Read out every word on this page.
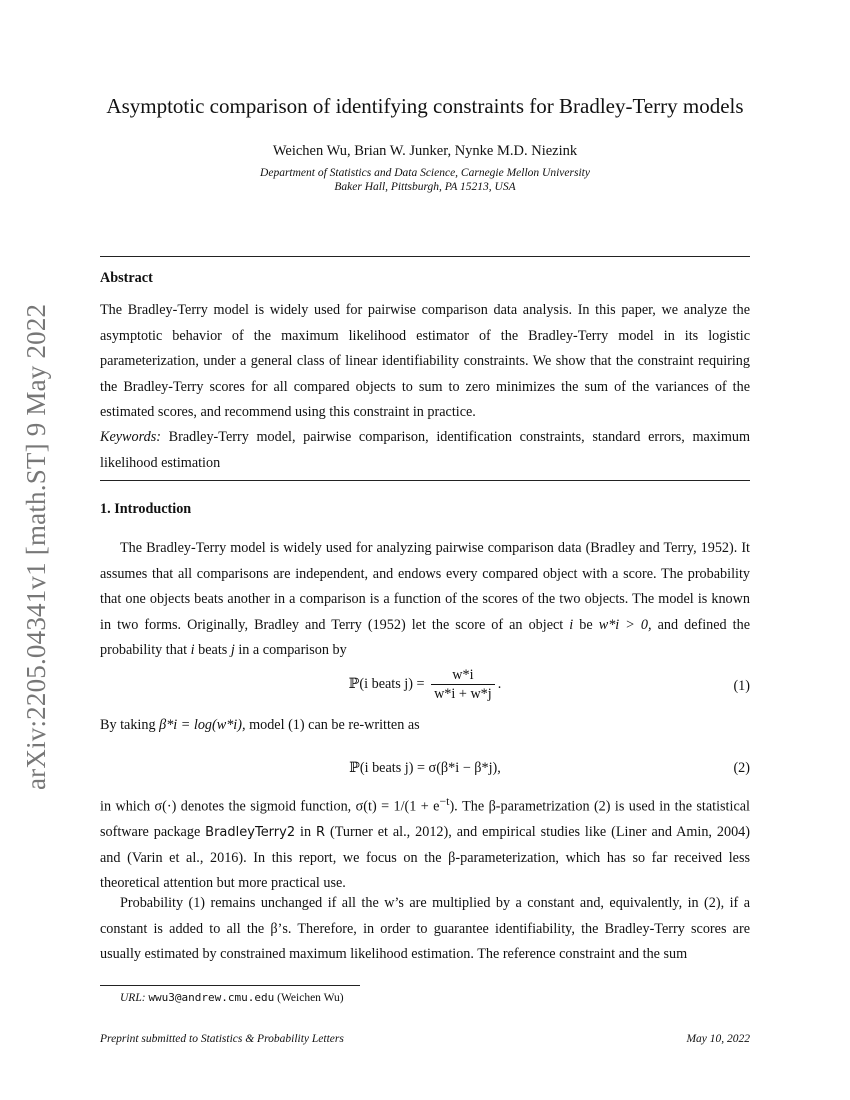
arXiv:2205.04341v1 [math.ST] 9 May 2022
Asymptotic comparison of identifying constraints for Bradley-Terry models
Weichen Wu, Brian W. Junker, Nynke M.D. Niezink
Department of Statistics and Data Science, Carnegie Mellon University
Baker Hall, Pittsburgh, PA 15213, USA
Abstract
The Bradley-Terry model is widely used for pairwise comparison data analysis. In this paper, we analyze the asymptotic behavior of the maximum likelihood estimator of the Bradley-Terry model in its logistic parameterization, under a general class of linear identifiability constraints. We show that the constraint requiring the Bradley-Terry scores for all compared objects to sum to zero minimizes the sum of the variances of the estimated scores, and recommend using this constraint in practice.
Keywords: Bradley-Terry model, pairwise comparison, identification constraints, standard errors, maximum likelihood estimation
1. Introduction
The Bradley-Terry model is widely used for analyzing pairwise comparison data (Bradley and Terry, 1952). It assumes that all comparisons are independent, and endows every compared object with a score. The probability that one objects beats another in a comparison is a function of the scores of the two objects. The model is known in two forms. Originally, Bradley and Terry (1952) let the score of an object i be w*i > 0, and defined the probability that i beats j in a comparison by
ℙ(i beats $j) = \frac{w*i}{w*i + w*j}$ .	(1)
By taking β*i = log(w*i), model (1) can be re-written as
ℙ(i beats j) = σ(β*i − β*j),	(2)
in which σ(·) denotes the sigmoid function, $\sigma(t) = 1/(1 + e^{-t})$. The β-parametrization (2) is used in the statistical software package BradleyTerry2 in R (Turner et al., 2012), and empirical studies like (Liner and Amin, 2004) and (Varin et al., 2016). In this report, we focus on the β-parameterization, which has so far received less theoretical attention but more practical use.
Probability (1) remains unchanged if all the w’s are multiplied by a constant and, equivalently, in (2), if a constant is added to all the β’s. Therefore, in order to guarantee identifiability, the Bradley-Terry scores are usually estimated by constrained maximum likelihood estimation. The reference constraint and the sum
URL: wwu3@andrew.cmu.edu (Weichen Wu)
Preprint submitted to Statistics & Probability Letters	May 10, 2022
